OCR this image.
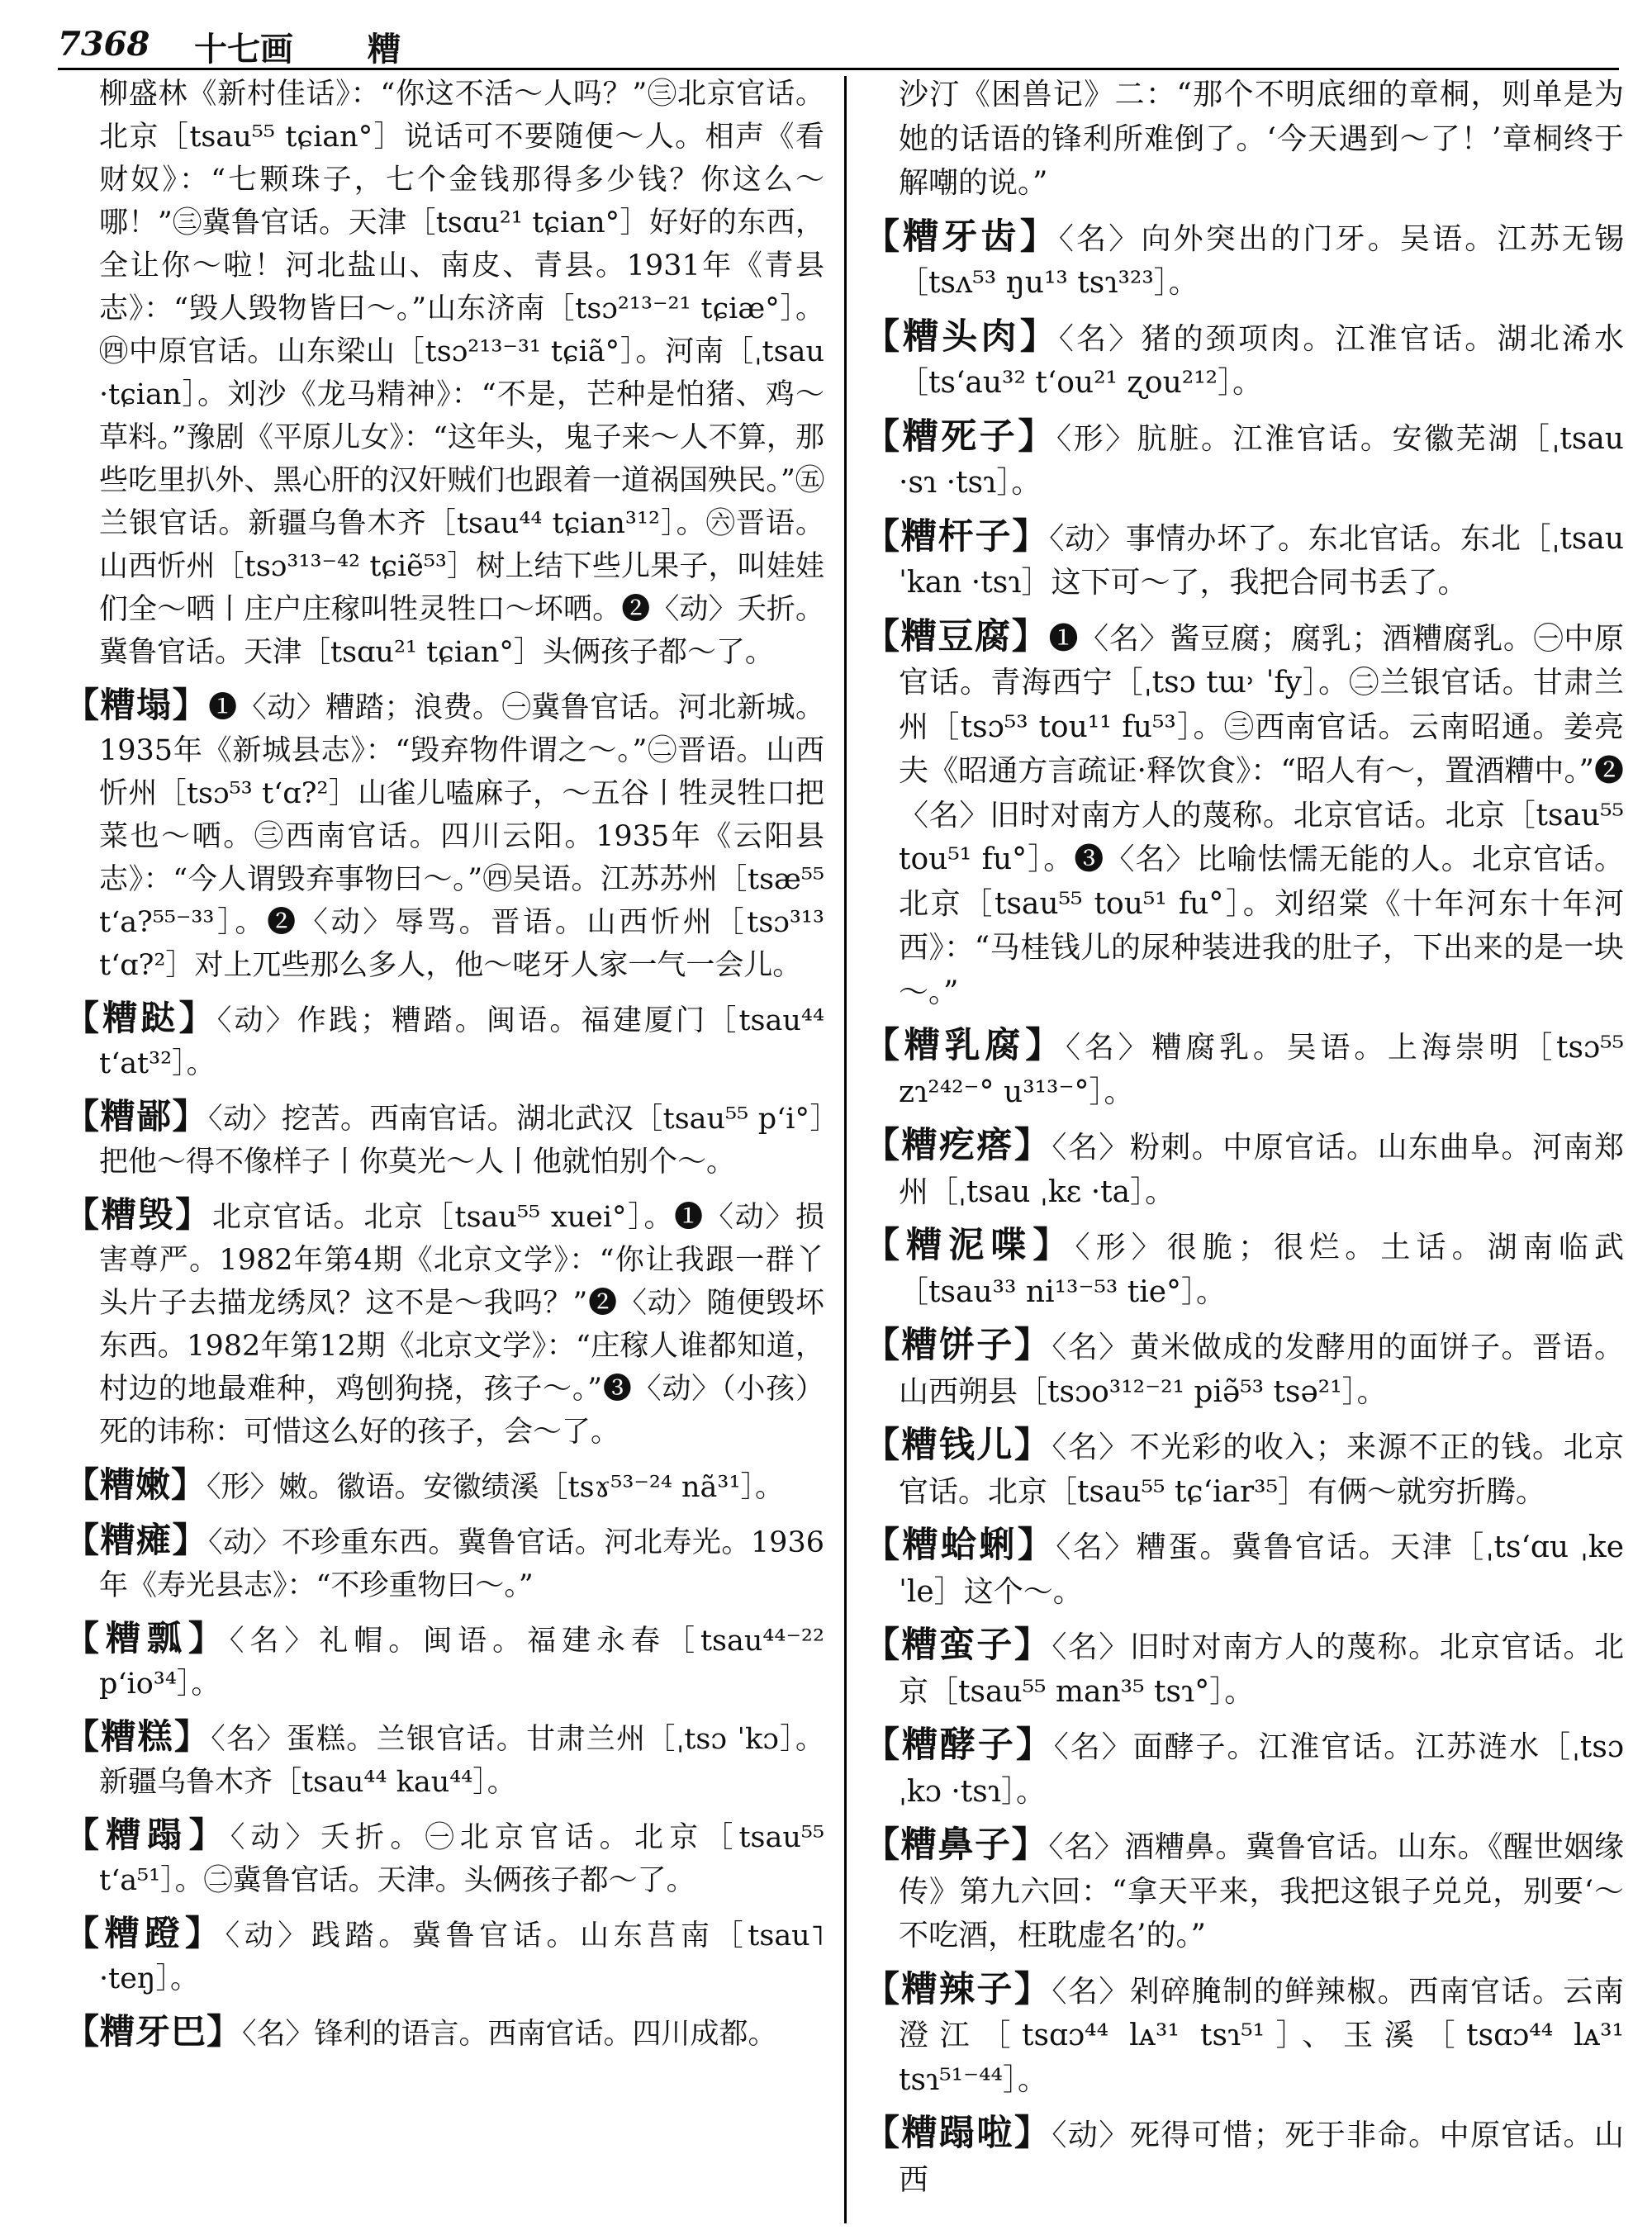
7368 十七画 糟

柳盛林《新村佳话》：“你这不活～人吗？”㊂北京官话。北京［tsau⁵⁵ tɕian°］说话可不要随便～人。相声《看财奴》：“七颗珠子，七个金钱那得多少钱？你这么～哪！”㊂冀鲁官话。天津［tsɑu²¹ tɕian°］好好的东西，全让你～啦！河北盐山、南皮、青县。1931年《青县志》：“毁人毁物皆曰～。”山东济南［tsɔ²¹³⁻²¹ tɕiæ°］。㊃中原官话。山东梁山［tsɔ²¹³⁻³¹ tɕiã°］。河南［ˌtsau ·tɕian］。刘沙《龙马精神》：“不是，芒种是怕猪、鸡～草料。”豫剧《平原儿女》：“这年头，鬼子来～人不算，那些吃里扒外、黑心肝的汉奸贼们也跟着一道祸国殃民。”㊄兰银官话。新疆乌鲁木齐［tsau⁴⁴ tɕian³¹²］。㊅晋语。山西忻州［tsɔ³¹³⁻⁴² tɕiẽ⁵³］树上结下些儿果子，叫娃娃们全～哂丨庄户庄稼叫牲灵牲口～坏哂。❷〈动〉夭折。冀鲁官话。天津［tsɑu²¹ tɕian°］头俩孩子都～了。

【糟塌】❶〈动〉糟踏；浪费。㊀冀鲁官话。河北新城。1935年《新城县志》：“毁弃物件谓之～。”㊁晋语。山西忻州［tsɔ⁵³ t‘ɑ?²］山雀儿嗑麻子，～五谷丨牲灵牲口把菜也～哂。㊂西南官话。四川云阳。1935年《云阳县志》：“今人谓毁弃事物曰～。”㊃吴语。江苏苏州［tsæ⁵⁵ t‘a?⁵⁵⁻³³］。❷〈动〉辱骂。晋语。山西忻州［tsɔ³¹³ t‘ɑ?²］对上兀些那么多人，他～咾牙人家一气一会儿。

【糟跶】〈动〉作践；糟踏。闽语。福建厦门［tsau⁴⁴ t‘at³²］。

【糟鄙】〈动〉挖苦。西南官话。湖北武汉［tsau⁵⁵ p‘i°］把他～得不像样子丨你莫光～人丨他就怕别个～。

【糟毁】北京官话。北京［tsau⁵⁵ xuei°］。❶〈动〉损害尊严。1982年第4期《北京文学》：“你让我跟一群丫头片子去描龙绣凤？这不是～我吗？”❷〈动〉随便毁坏东西。1982年第12期《北京文学》：“庄稼人谁都知道，村边的地最难种，鸡刨狗挠，孩子～。”❸〈动〉（小孩）死的讳称：可惜这么好的孩子，会～了。

【糟嫩】〈形〉嫩。徽语。安徽绩溪［tsɤ⁵³⁻²⁴ nã³¹］。

【糟瘫】〈动〉不珍重东西。冀鲁官话。河北寿光。1936年《寿光县志》：“不珍重物曰～。”

【糟瓢】〈名〉礼帽。闽语。福建永春［tsau⁴⁴⁻²² p‘io³⁴］。

【糟糕】〈名〉蛋糕。兰银官话。甘肃兰州［ˌtsɔ ˈkɔ］。新疆乌鲁木齐［tsau⁴⁴ kau⁴⁴］。

【糟蹋】〈动〉夭折。㊀北京官话。北京［tsau⁵⁵ t‘a⁵¹］。㊁冀鲁官话。天津。头俩孩子都～了。

【糟蹬】〈动〉践踏。冀鲁官话。山东莒南［tsau˥ ·teŋ］。

【糟牙巴】〈名〉锋利的语言。西南官话。四川成都。

沙汀《困兽记》二：“那个不明底细的章桐，则单是为她的话语的锋利所难倒了。‘今天遇到～了！’章桐终于解嘲的说。”

【糟牙齿】〈名〉向外突出的门牙。吴语。江苏无锡［tsʌ⁵³ ŋu¹³ tsɿ³²³］。

【糟头肉】〈名〉猪的颈项肉。江淮官话。湖北浠水［ts‘au³² t‘ou²¹ ʐou²¹²］。

【糟死子】〈形〉肮脏。江淮官话。安徽芜湖［ˌtsau ·sɿ ·tsɿ］。

【糟杆子】〈动〉事情办坏了。东北官话。东北［ˌtsau ˈkan ·tsɿ］这下可～了，我把合同书丢了。

【糟豆腐】❶〈名〉酱豆腐；腐乳；酒糟腐乳。㊀中原官话。青海西宁［ˌtsɔ tɯ˒ ˈfy］。㊁兰银官话。甘肃兰州［tsɔ⁵³ tou¹¹ fu⁵³］。㊂西南官话。云南昭通。姜亮夫《昭通方言疏证·释饮食》：“昭人有～，置酒糟中。”❷〈名〉旧时对南方人的蔑称。北京官话。北京［tsau⁵⁵ tou⁵¹ fu°］。❸〈名〉比喻怯懦无能的人。北京官话。北京［tsau⁵⁵ tou⁵¹ fu°］。刘绍棠《十年河东十年河西》：“马桂钱儿的尿种装进我的肚子，下出来的是一块～。”

【糟乳腐】〈名〉糟腐乳。吴语。上海崇明［tsɔ⁵⁵ zɿ²⁴²⁻° u³¹³⁻°］。

【糟疙瘩】〈名〉粉刺。中原官话。山东曲阜。河南郑州［ˌtsau ˌkɛ ·ta］。

【糟泥喋】〈形〉很脆；很烂。土话。湖南临武［tsau³³ ni¹³⁻⁵³ tie°］。

【糟饼子】〈名〉黄米做成的发酵用的面饼子。晋语。山西朔县［tsɔo³¹²⁻²¹ piə̃⁵³ tsə²¹］。

【糟钱儿】〈名〉不光彩的收入；来源不正的钱。北京官话。北京［tsau⁵⁵ tɕ‘iar³⁵］有俩～就穷折腾。

【糟蛤蜊】〈名〉糟蛋。冀鲁官话。天津［ˌts‘ɑu ˌke ˈle］这个～。

【糟蛮子】〈名〉旧时对南方人的蔑称。北京官话。北京［tsau⁵⁵ man³⁵ tsɿ°］。

【糟酵子】〈名〉面酵子。江淮官话。江苏涟水［ˌtsɔ ˌkɔ ·tsɿ］。

【糟鼻子】〈名〉酒糟鼻。冀鲁官话。山东。《醒世姻缘传》第九六回：“拿天平来，我把这银子兑兑，别要‘～不吃酒，枉耽虚名’的。”

【糟辣子】〈名〉剁碎腌制的鲜辣椒。西南官话。云南澄江［tsɑɔ⁴⁴ lᴀ³¹ tsɿ⁵¹］、玉溪［tsɑɔ⁴⁴ lᴀ³¹ tsɿ⁵¹⁻⁴⁴］。

【糟蹋啦】〈动〉死得可惜；死于非命。中原官话。山西
